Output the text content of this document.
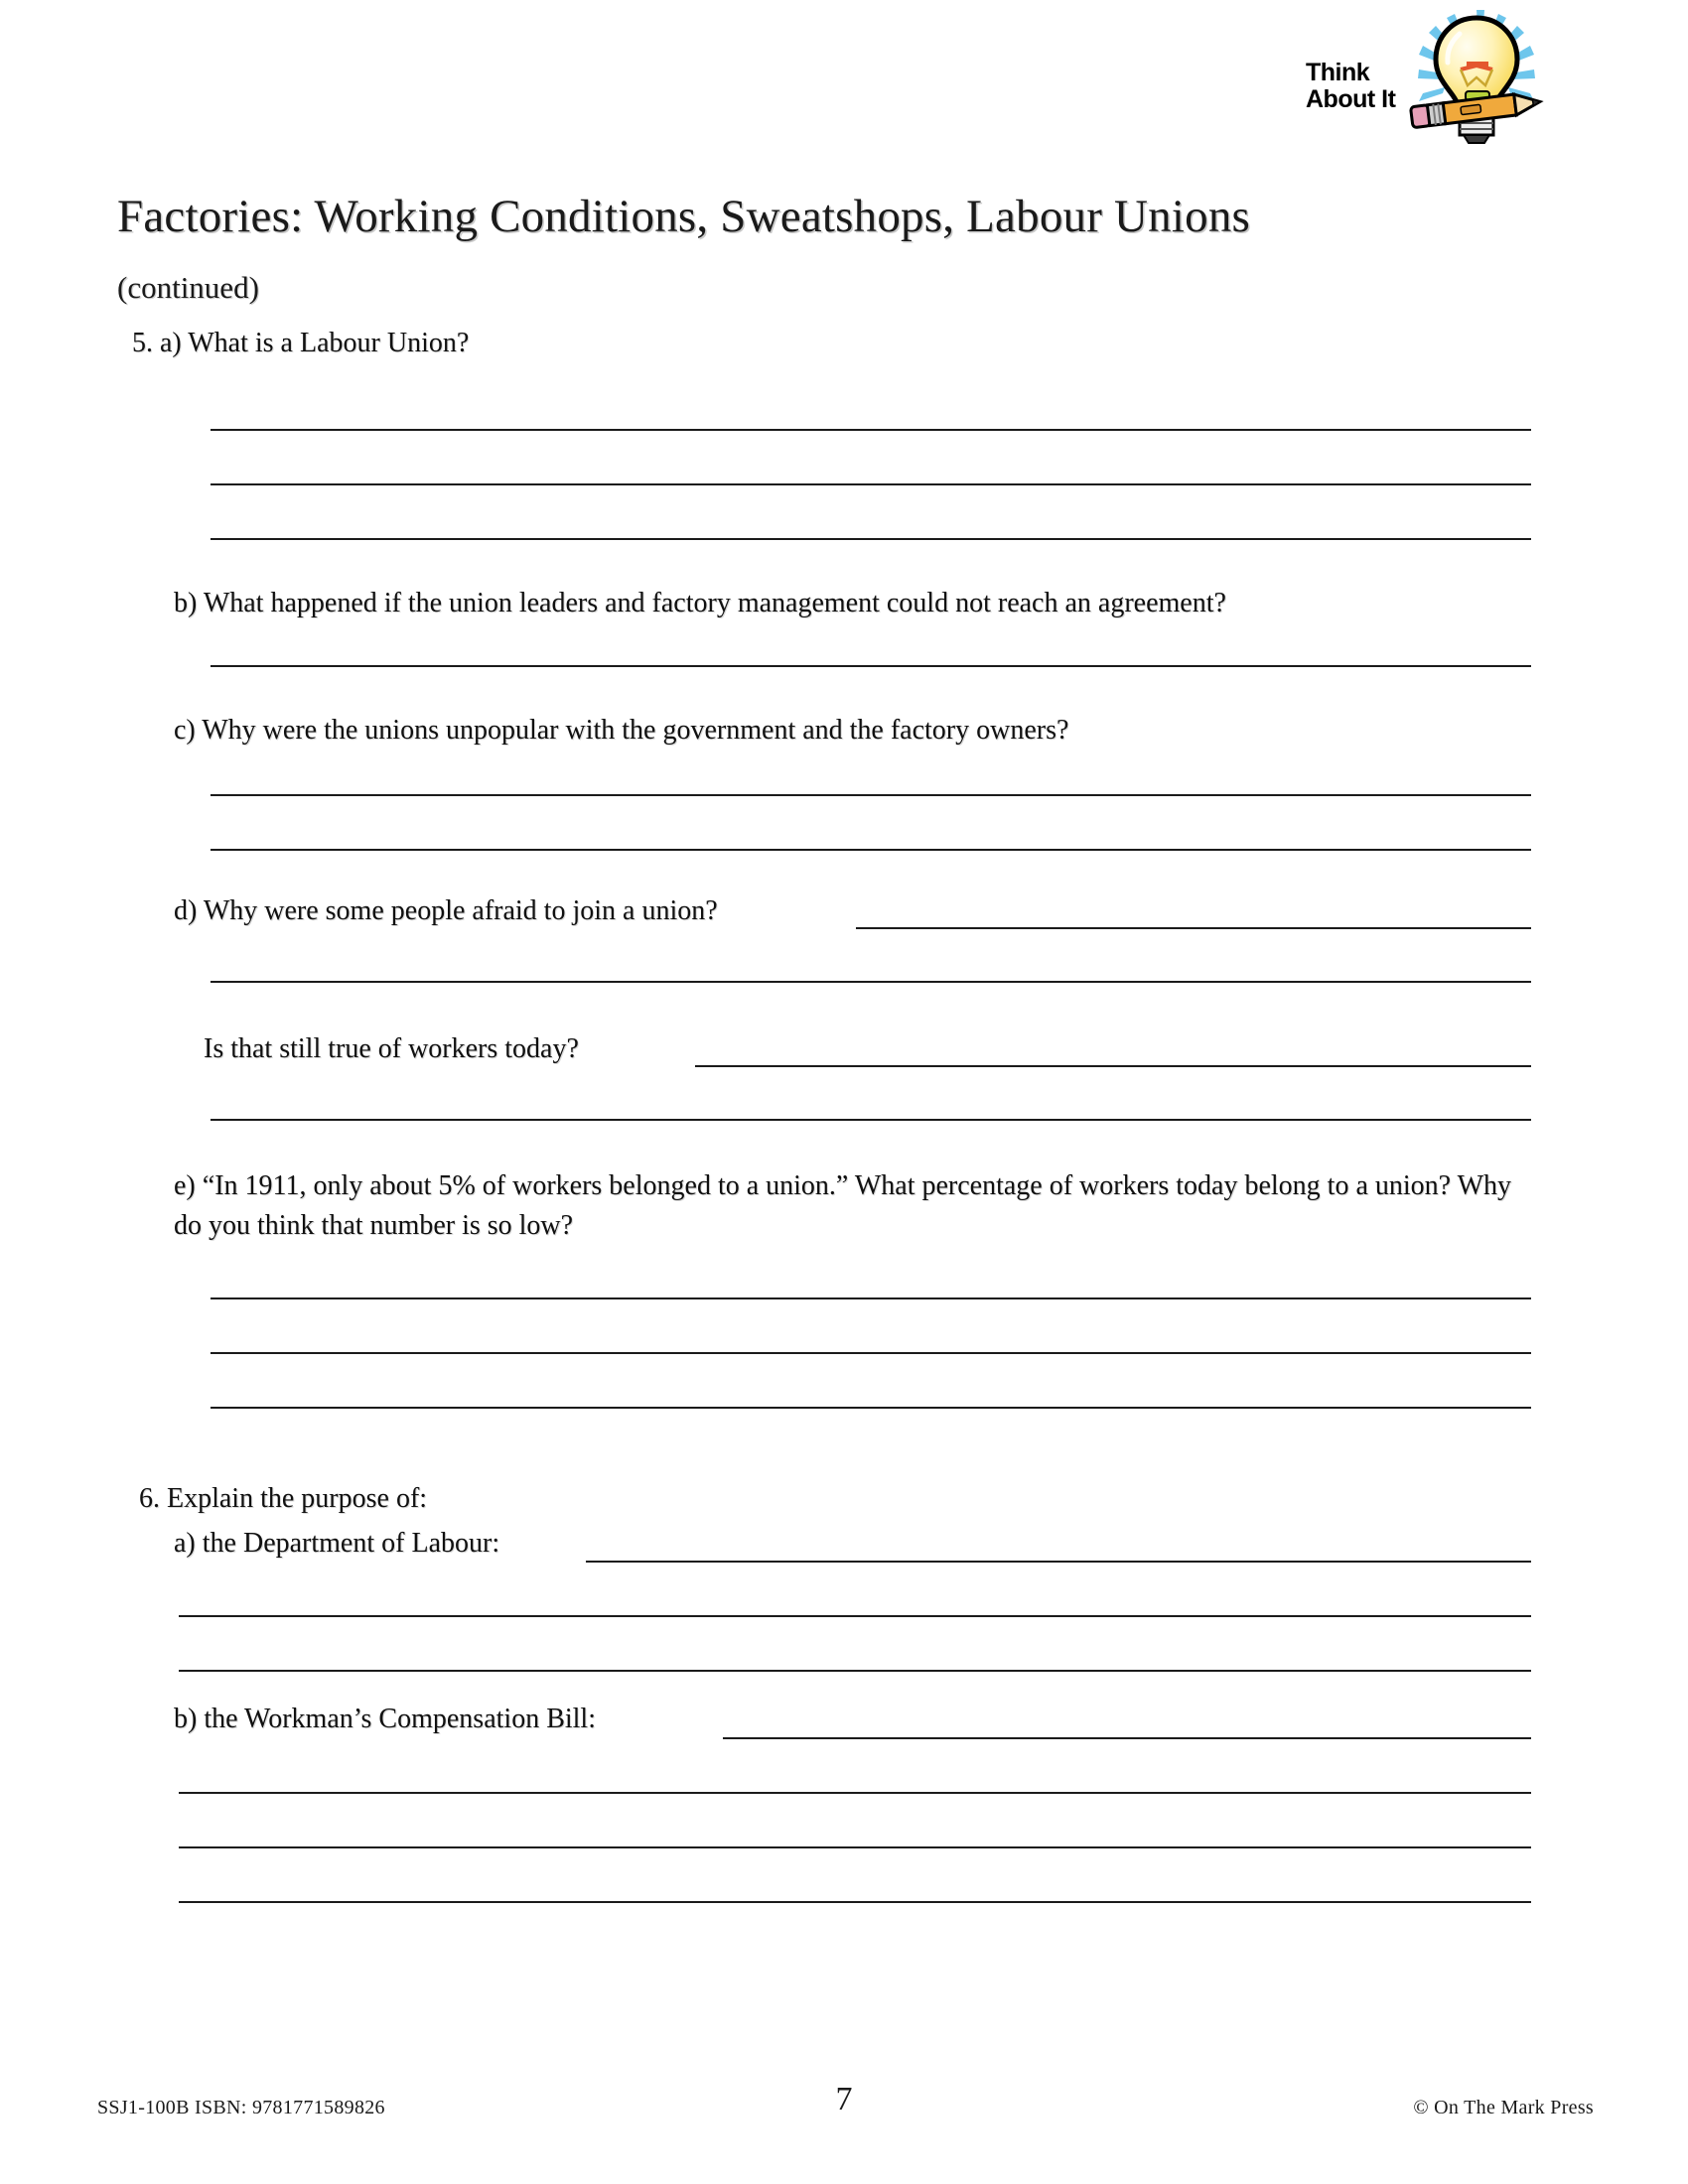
Think
About It
Factories: Working Conditions, Sweatshops, Labour Unions
(continued)
5. a) What is a Labour Union?
b) What happened if the union leaders and factory management could not reach an agreement?
c) Why were the unions unpopular with the government and the factory owners?
d) Why were some people afraid to join a union?
Is that still true of workers today?
e) “In 1911, only about 5% of workers belonged to a union.” What percentage of workers today belong to a union? Why do you think that number is so low?
6. Explain the purpose of:
a) the Department of Labour:
b) the Workman’s Compensation Bill:
SSJ1-100B ISBN: 9781771589826	7	© On The Mark Press
